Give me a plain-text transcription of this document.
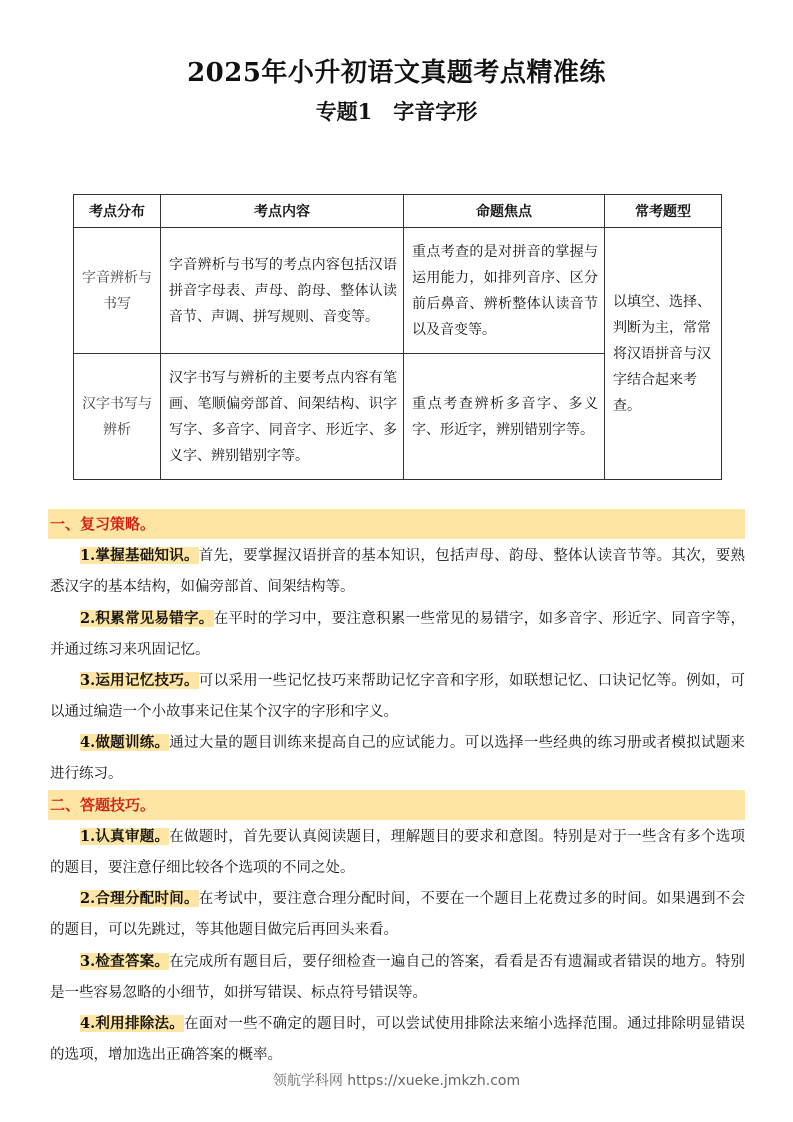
2025年小升初语文真题考点精准练
专题1　字音字形
考点分布	考点内容	命题焦点	常考题型
字音辨析与书写	字音辨析与书写的考点内容包括汉语拼音字母表、声母、韵母、整体认读音节、声调、拼写规则、音变等。	重点考查的是对拼音的掌握与运用能力，如排列音序、区分前后鼻音、辨析整体认读音节以及音变等。	以填空、选择、判断为主，常常将汉语拼音与汉字结合起来考查。
汉字书写与辨析	汉字书写与辨析的主要考点内容有笔画、笔顺偏旁部首、间架结构、识字写字、多音字、同音字、形近字、多义字、辨别错别字等。	重点考查辨析多音字、多义字、形近字，辨别错别字等。	
一、复习策略。
1.掌握基础知识。首先，要掌握汉语拼音的基本知识，包括声母、韵母、整体认读音节等。其次，要熟悉汉字的基本结构，如偏旁部首、间架结构等。
2.积累常见易错字。在平时的学习中，要注意积累一些常见的易错字，如多音字、形近字、同音字等，并通过练习来巩固记忆。
3.运用记忆技巧。可以采用一些记忆技巧来帮助记忆字音和字形，如联想记忆、口诀记忆等。例如，可以通过编造一个小故事来记住某个汉字的字形和字义。
4.做题训练。通过大量的题目训练来提高自己的应试能力。可以选择一些经典的练习册或者模拟试题来进行练习。
二、答题技巧。
1.认真审题。在做题时，首先要认真阅读题目，理解题目的要求和意图。特别是对于一些含有多个选项的题目，要注意仔细比较各个选项的不同之处。
2.合理分配时间。在考试中，要注意合理分配时间，不要在一个题目上花费过多的时间。如果遇到不会的题目，可以先跳过，等其他题目做完后再回头来看。
3.检查答案。在完成所有题目后，要仔细检查一遍自己的答案，看看是否有遗漏或者错误的地方。特别是一些容易忽略的小细节，如拼写错误、标点符号错误等。
4.利用排除法。在面对一些不确定的题目时，可以尝试使用排除法来缩小选择范围。通过排除明显错误的选项，增加选出正确答案的概率。
领航学科网 https://xueke.jmkzh.com
